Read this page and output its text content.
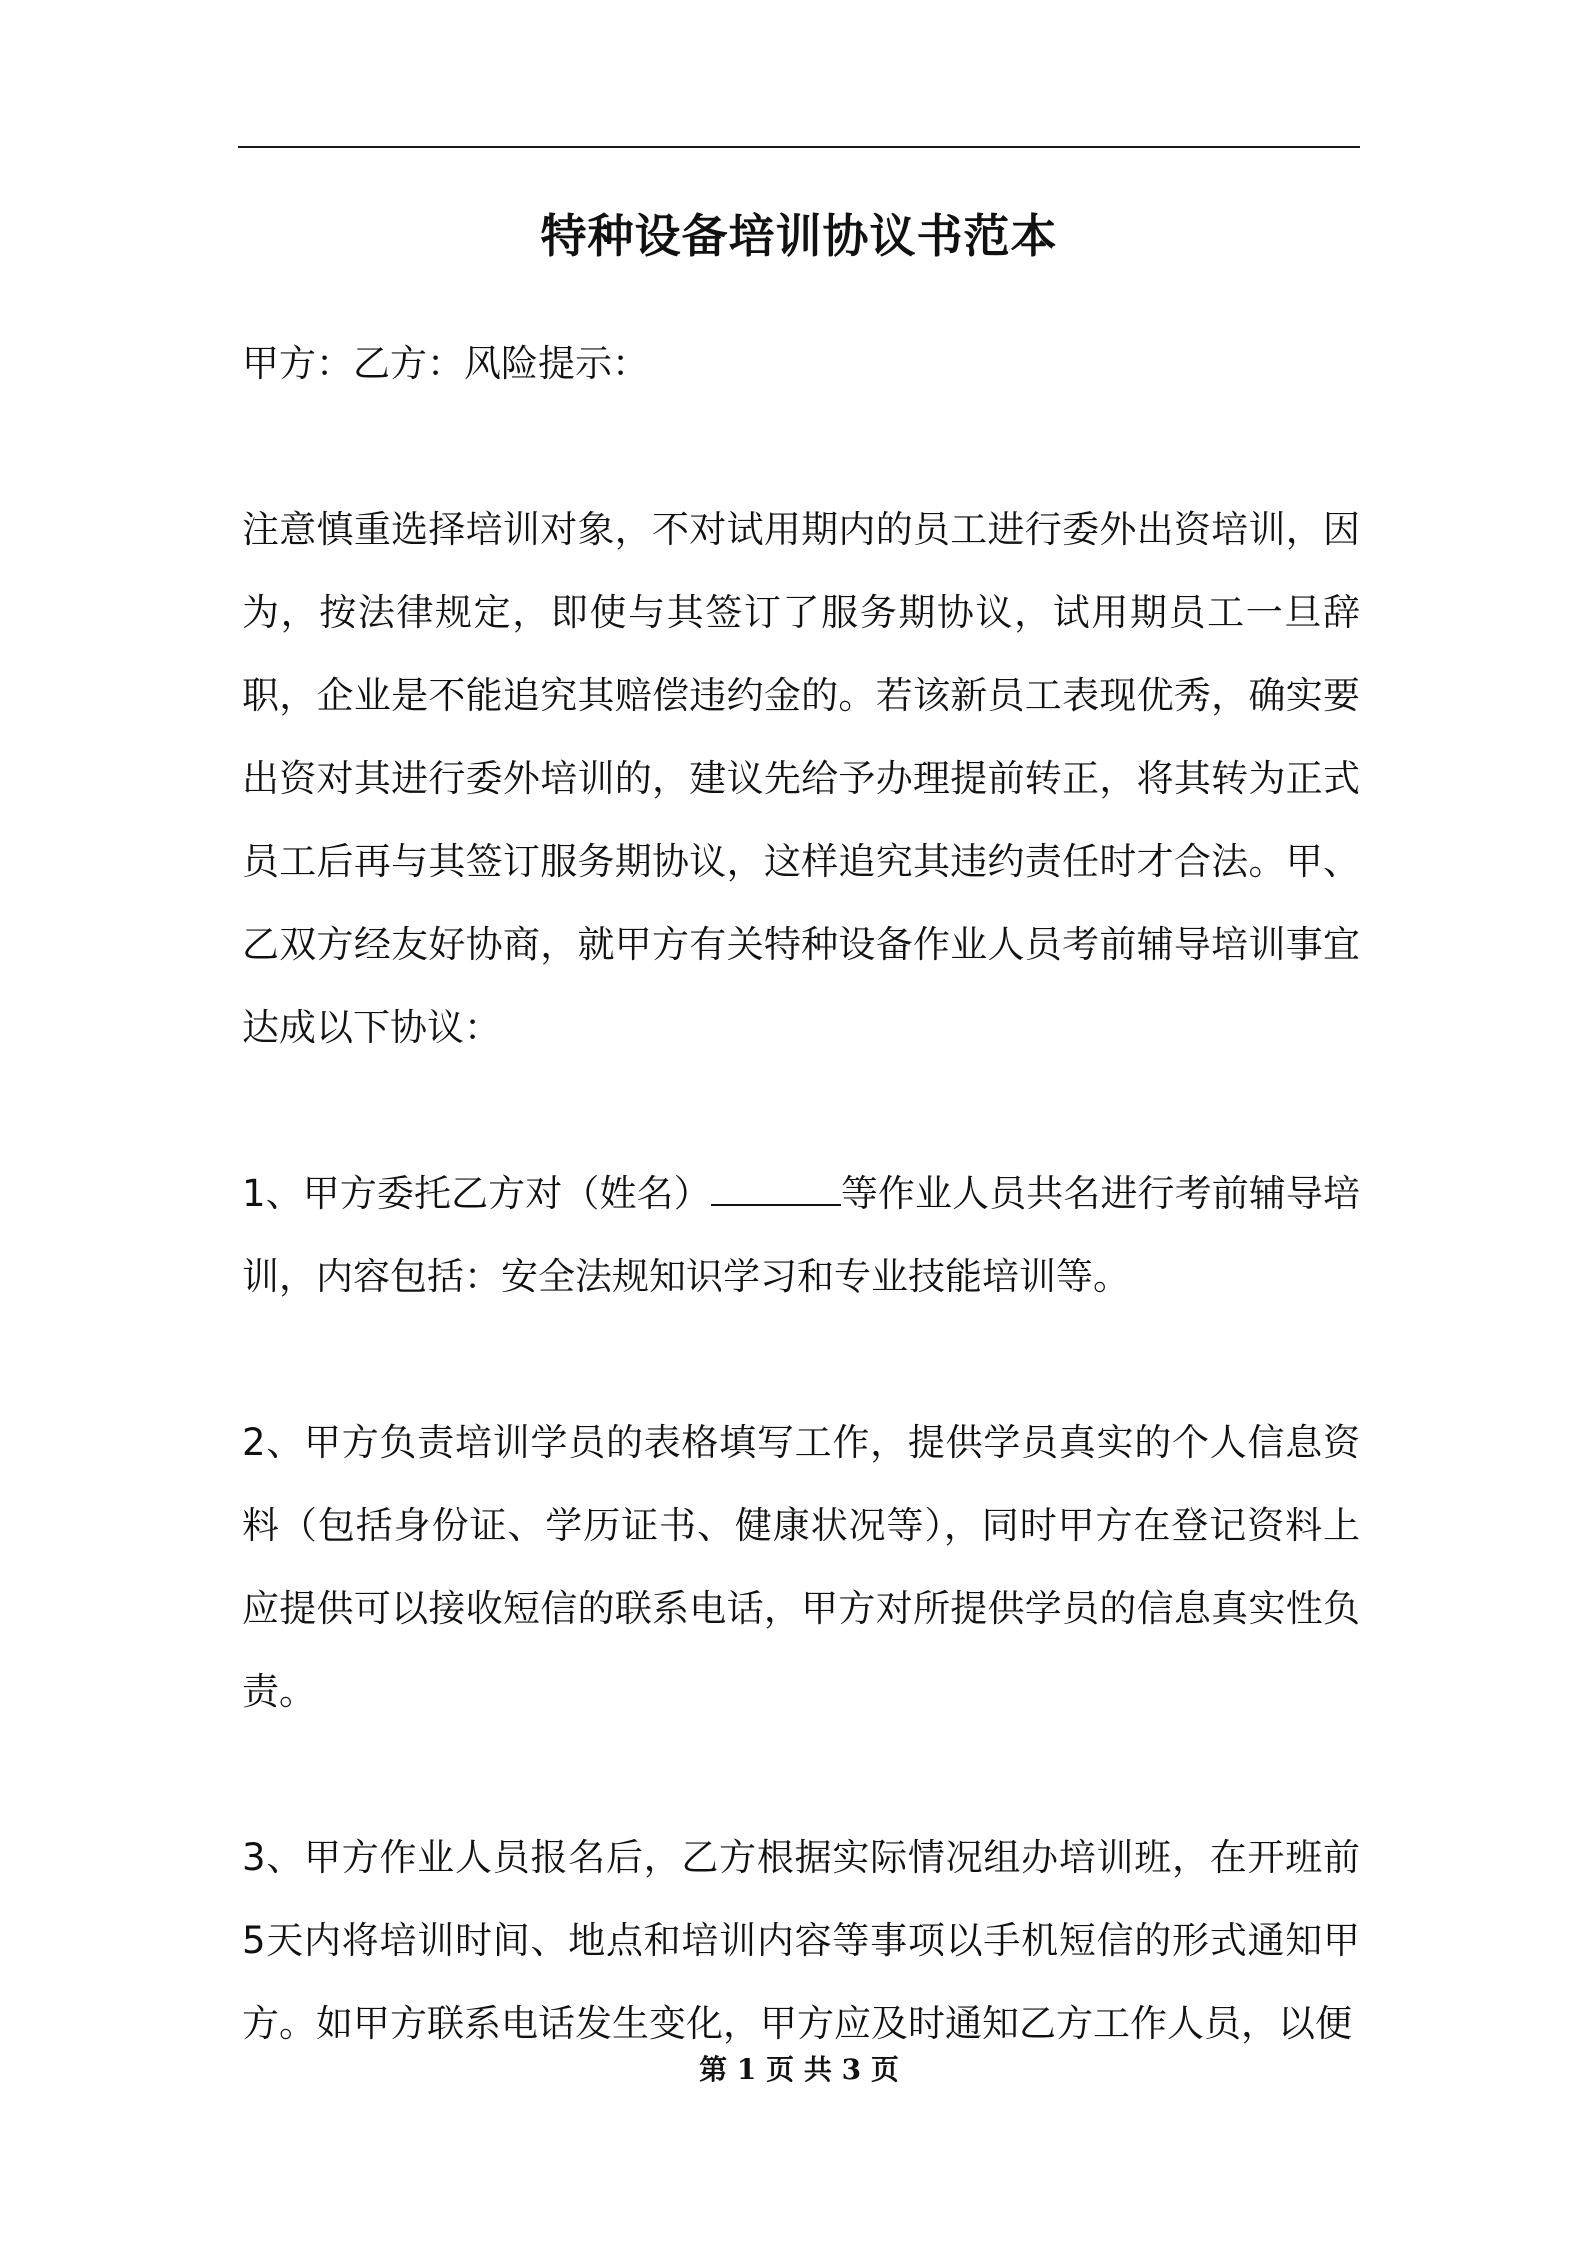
特种设备培训协议书范本

甲方：乙方：风险提示：

注意慎重选择培训对象，不对试用期内的员工进行委外出资培训，因为，按法律规定，即使与其签订了服务期协议，试用期员工一旦辞职，企业是不能追究其赔偿违约金的。若该新员工表现优秀，确实要出资对其进行委外培训的，建议先给予办理提前转正，将其转为正式员工后再与其签订服务期协议，这样追究其违约责任时才合法。甲、乙双方经友好协商，就甲方有关特种设备作业人员考前辅导培训事宜达成以下协议：

1、甲方委托乙方对（姓名）	等作业人员共名进行考前辅导培训，内容包括：安全法规知识学习和专业技能培训等。

2、甲方负责培训学员的表格填写工作，提供学员真实的个人信息资料（包括身份证、学历证书、健康状况等），同时甲方在登记资料上应提供可以接收短信的联系电话，甲方对所提供学员的信息真实性负责。

3、甲方作业人员报名后，乙方根据实际情况组办培训班，在开班前5天内将培训时间、地点和培训内容等事项以手机短信的形式通知甲方。如甲方联系电话发生变化，甲方应及时通知乙方工作人员，以便

第 1 页 共 3 页
